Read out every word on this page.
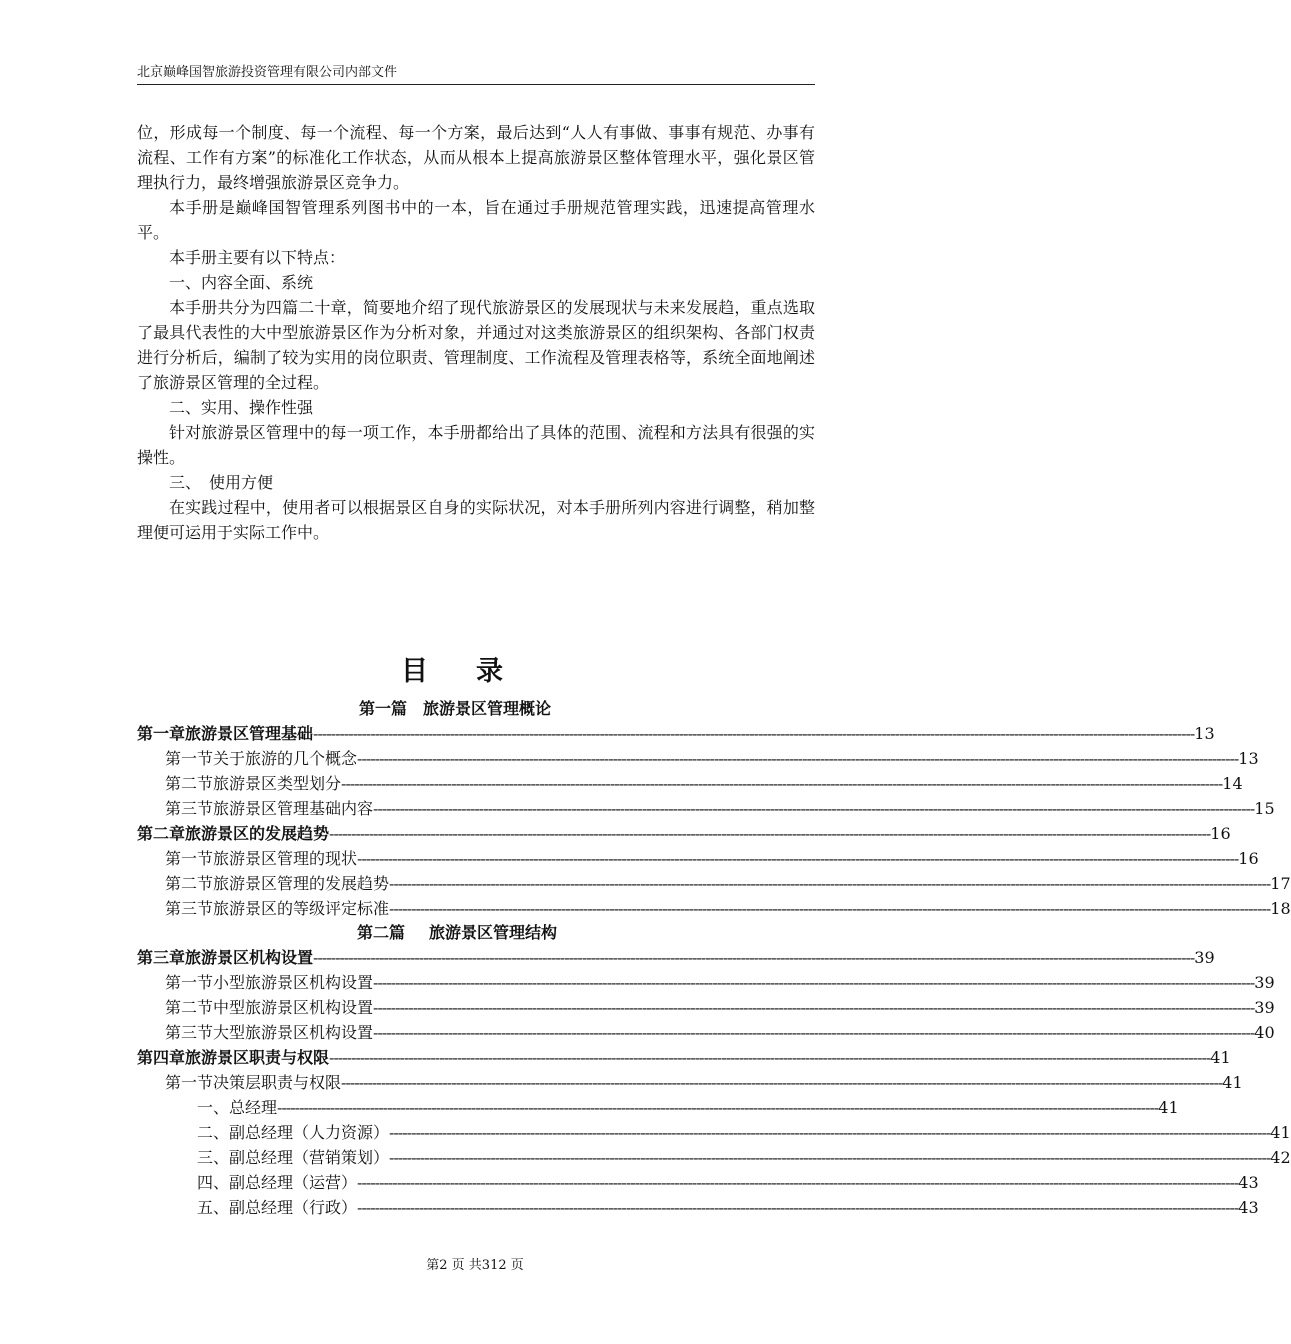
北京巅峰国智旅游投资管理有限公司内部文件

位，形成每一个制度、每一个流程、每一个方案，最后达到“人人有事做、事事有规范、办事有流程、工作有方案”的标准化工作状态，从而从根本上提高旅游景区整体管理水平，强化景区管理执行力，最终增强旅游景区竞争力。

本手册是巅峰国智管理系列图书中的一本，旨在通过手册规范管理实践，迅速提高管理水平。

本手册主要有以下特点：

一、内容全面、系统

本手册共分为四篇二十章，简要地介绍了现代旅游景区的发展现状与未来发展趋，重点选取了最具代表性的大中型旅游景区作为分析对象，并通过对这类旅游景区的组织架构、各部门权责进行分析后，编制了较为实用的岗位职责、管理制度、工作流程及管理表格等，系统全面地阐述了旅游景区管理的全过程。

二、实用、操作性强

针对旅游景区管理中的每一项工作，本手册都给出了具体的范围、流程和方法具有很强的实操性。

三、　使用方便

在实践过程中，使用者可以根据景区自身的实际状况，对本手册所列内容进行调整，稍加整理便可运用于实际工作中。

目录
第一篇 旅游景区管理概论
第一章 旅游景区管理基础 -------------------------------------------------------------------------------------------------------------------------------------------------------------------------------------------------------- 13
第一节 关于旅游的几个概念 -------------------------------------------------------------------------------------------------------------------------------------------------------------------------------------------------------- 13
第二节 旅游景区类型划分 -------------------------------------------------------------------------------------------------------------------------------------------------------------------------------------------------------- 14
第三节 旅游景区管理基础内容 -------------------------------------------------------------------------------------------------------------------------------------------------------------------------------------------------------- 15
第二章 旅游景区的发展趋势 -------------------------------------------------------------------------------------------------------------------------------------------------------------------------------------------------------- 16
第一节 旅游景区管理的现状 -------------------------------------------------------------------------------------------------------------------------------------------------------------------------------------------------------- 16
第二节 旅游景区管理的发展趋势 -------------------------------------------------------------------------------------------------------------------------------------------------------------------------------------------------------- 17
第三节 旅游景区的等级评定标准 -------------------------------------------------------------------------------------------------------------------------------------------------------------------------------------------------------- 18
第二篇 旅游景区管理结构
第三章 旅游景区机构设置 -------------------------------------------------------------------------------------------------------------------------------------------------------------------------------------------------------- 39
第一节 小型旅游景区机构设置 -------------------------------------------------------------------------------------------------------------------------------------------------------------------------------------------------------- 39
第二节 中型旅游景区机构设置 -------------------------------------------------------------------------------------------------------------------------------------------------------------------------------------------------------- 39
第三节 大型旅游景区机构设置 -------------------------------------------------------------------------------------------------------------------------------------------------------------------------------------------------------- 40
第四章 旅游景区职责与权限 -------------------------------------------------------------------------------------------------------------------------------------------------------------------------------------------------------- 41
第一节 决策层职责与权限 -------------------------------------------------------------------------------------------------------------------------------------------------------------------------------------------------------- 41
一、 总经理 -------------------------------------------------------------------------------------------------------------------------------------------------------------------------------------------------------- 41
二、 副总经理（人力资源） -------------------------------------------------------------------------------------------------------------------------------------------------------------------------------------------------------- 41
三、 副总经理（营销策划） -------------------------------------------------------------------------------------------------------------------------------------------------------------------------------------------------------- 42
四、 副总经理（运营） -------------------------------------------------------------------------------------------------------------------------------------------------------------------------------------------------------- 43
五、 副总经理（行政） -------------------------------------------------------------------------------------------------------------------------------------------------------------------------------------------------------- 43
第2 页 共312 页
